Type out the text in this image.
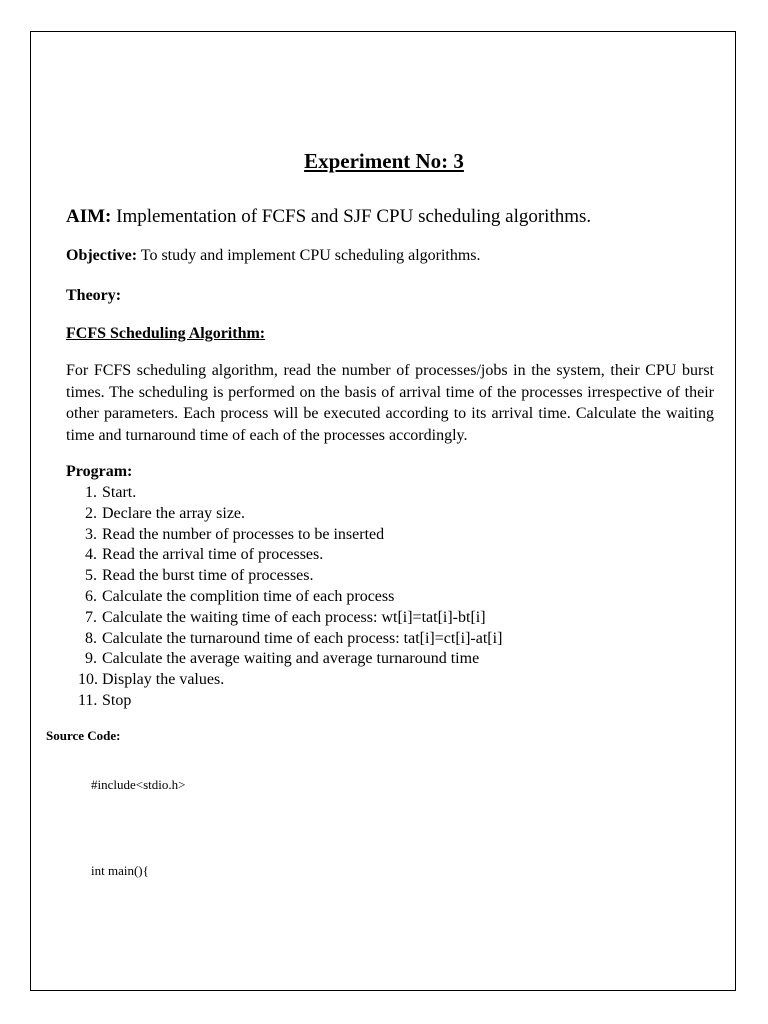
Experiment No: 3
AIM: Implementation of FCFS and SJF CPU scheduling algorithms.
Objective: To study and implement CPU scheduling algorithms.
Theory:
FCFS Scheduling Algorithm:
For FCFS scheduling algorithm, read the number of processes/jobs in the system, their CPU burst times. The scheduling is performed on the basis of arrival time of the processes irrespective of their other parameters. Each process will be executed according to its arrival time. Calculate the waiting time and turnaround time of each of the processes accordingly.
Program:
1. Start.
2. Declare the array size.
3. Read the number of processes to be inserted
4. Read the arrival time of processes.
5. Read the burst time of processes.
6. Calculate the complition time of each process
7. Calculate the waiting time of each process: wt[i]=tat[i]-bt[i]
8. Calculate the turnaround time of each process: tat[i]=ct[i]-at[i]
9. Calculate the average waiting and average turnaround time
10. Display the values.
11. Stop
Source Code:
#include<stdio.h>
int main(){
